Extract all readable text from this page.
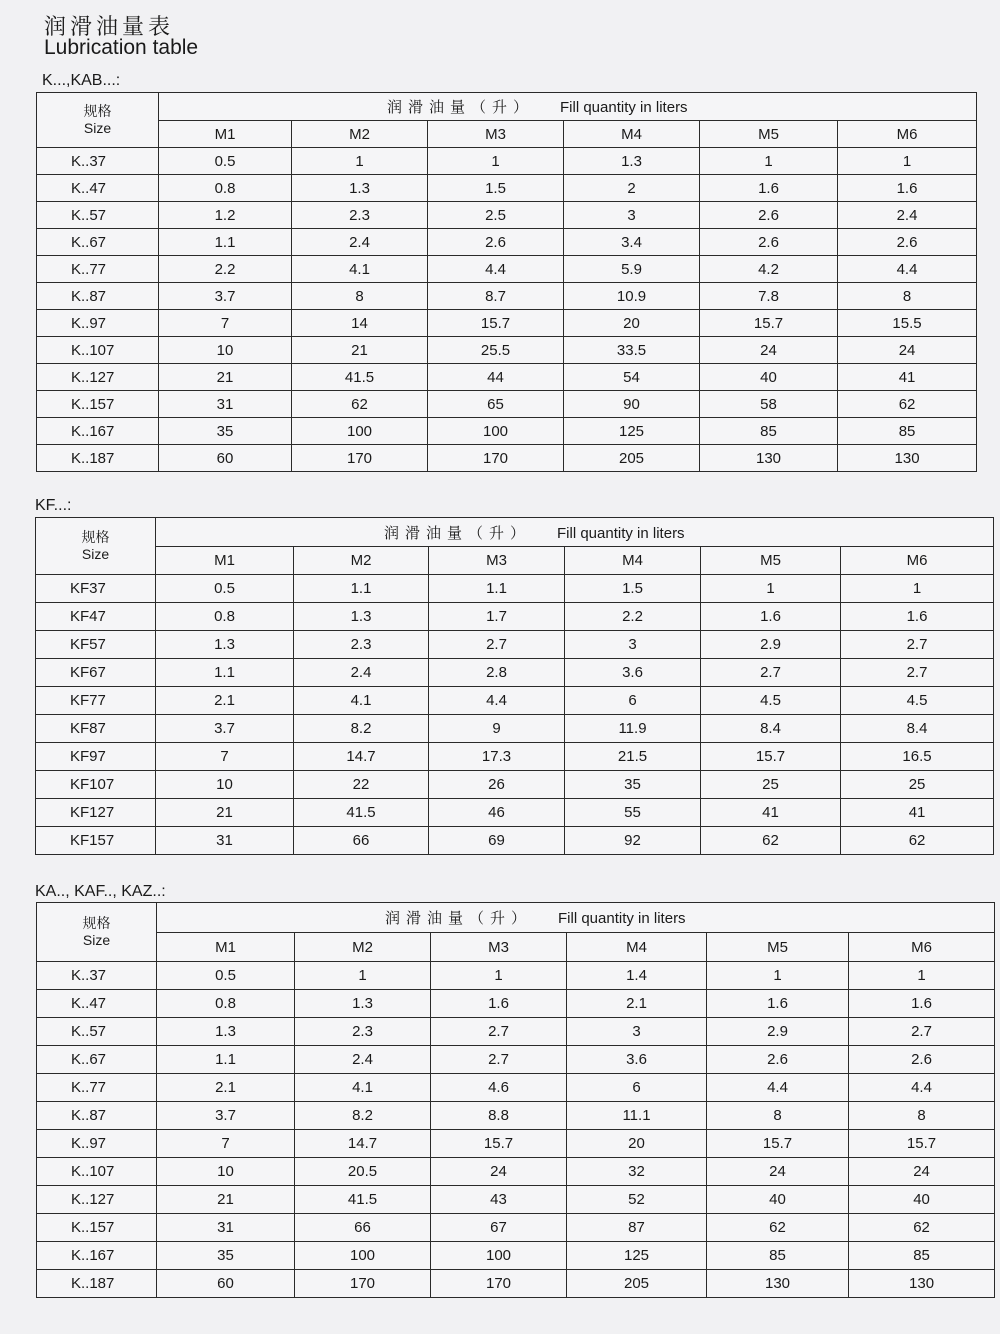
润滑油量表
Lubrication table
K...,KAB...:
规格
Size	润滑油量（升） Fill quantity in liters					
	M1	M2	M3	M4	M5	M6
K..37	0.5	1	1	1.3	1	1
K..47	0.8	1.3	1.5	2	1.6	1.6
K..57	1.2	2.3	2.5	3	2.6	2.4
K..67	1.1	2.4	2.6	3.4	2.6	2.6
K..77	2.2	4.1	4.4	5.9	4.2	4.4
K..87	3.7	8	8.7	10.9	7.8	8
K..97	7	14	15.7	20	15.7	15.5
K..107	10	21	25.5	33.5	24	24
K..127	21	41.5	44	54	40	41
K..157	31	62	65	90	58	62
K..167	35	100	100	125	85	85
K..187	60	170	170	205	130	130
KF...:
规格
Size	润滑油量（升） Fill quantity in liters					
	M1	M2	M3	M4	M5	M6
KF37	0.5	1.1	1.1	1.5	1	1
KF47	0.8	1.3	1.7	2.2	1.6	1.6
KF57	1.3	2.3	2.7	3	2.9	2.7
KF67	1.1	2.4	2.8	3.6	2.7	2.7
KF77	2.1	4.1	4.4	6	4.5	4.5
KF87	3.7	8.2	9	11.9	8.4	8.4
KF97	7	14.7	17.3	21.5	15.7	16.5
KF107	10	22	26	35	25	25
KF127	21	41.5	46	55	41	41
KF157	31	66	69	92	62	62
KA.., KAF.., KAZ..:
规格
Size	润滑油量（升） Fill quantity in liters					
	M1	M2	M3	M4	M5	M6
K..37	0.5	1	1	1.4	1	1
K..47	0.8	1.3	1.6	2.1	1.6	1.6
K..57	1.3	2.3	2.7	3	2.9	2.7
K..67	1.1	2.4	2.7	3.6	2.6	2.6
K..77	2.1	4.1	4.6	6	4.4	4.4
K..87	3.7	8.2	8.8	11.1	8	8
K..97	7	14.7	15.7	20	15.7	15.7
K..107	10	20.5	24	32	24	24
K..127	21	41.5	43	52	40	40
K..157	31	66	67	87	62	62
K..167	35	100	100	125	85	85
K..187	60	170	170	205	130	130
